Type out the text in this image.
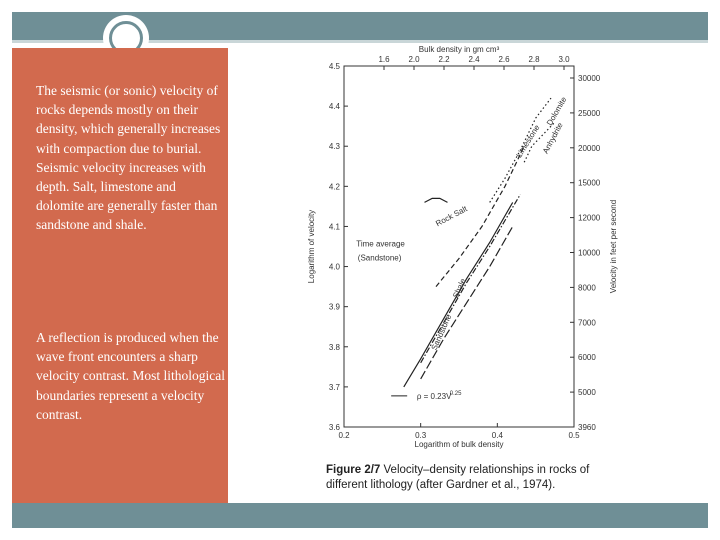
The seismic (or sonic) velocity of rocks depends mostly on their density, which generally increases with compaction due to burial. Seismic velocity increases with depth. Salt, limestone and dolomite are generally faster than sandstone and shale.
A reflection is produced when the wave front encounters a sharp velocity contrast. Most lithological boundaries represent a velocity contrast.
3.6
3.7
3.8
3.9
4.0
4.1
4.2
4.3
4.4
4.5
0.2	0.3	0.4	0.5
1.6 2.0 2.2 2.4 2.6 2.8 3.0
3960
5000
6000
7000
8000
10000
12000
15000
20000
25000
30000
Bulk density in gm cm³
Logarithm of bulk density
Logarithm of velocity	Velocity in feet per second
Limestone
Dolomite
Anhydrite
Rock Salt
Sandstone
Shale
Time average
(Sandstone)
ρ = 0.23V
0.25
Figure 2/7 Velocity–density relationships in rocks of different lithology (after Gardner et al., 1974).
